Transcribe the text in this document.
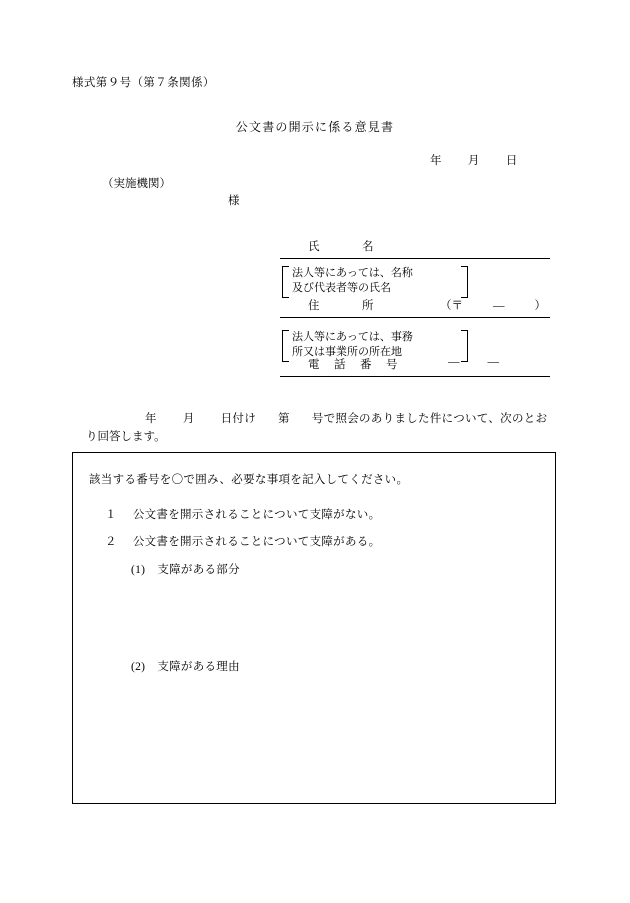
様式第９号（第７条関係）
公文書の開示に係る意見書
年 月 日
（実施機関）
様
氏	名
住	所	（〒	―	）
電 話 番 号	― ―
法人等にあっては、名称
及び代表者等の氏名
法人等にあっては、事務
所又は事業所の所在地
年 月 日付け 第 号で照会のありました件について、次のとお
り回答します。
該当する番号を〇で囲み、必要な事項を記入してください。
１ 公文書を開示されることについて支障がない。
２ 公文書を開示されることについて支障がある。
(1) 支障がある部分
(2) 支障がある理由
